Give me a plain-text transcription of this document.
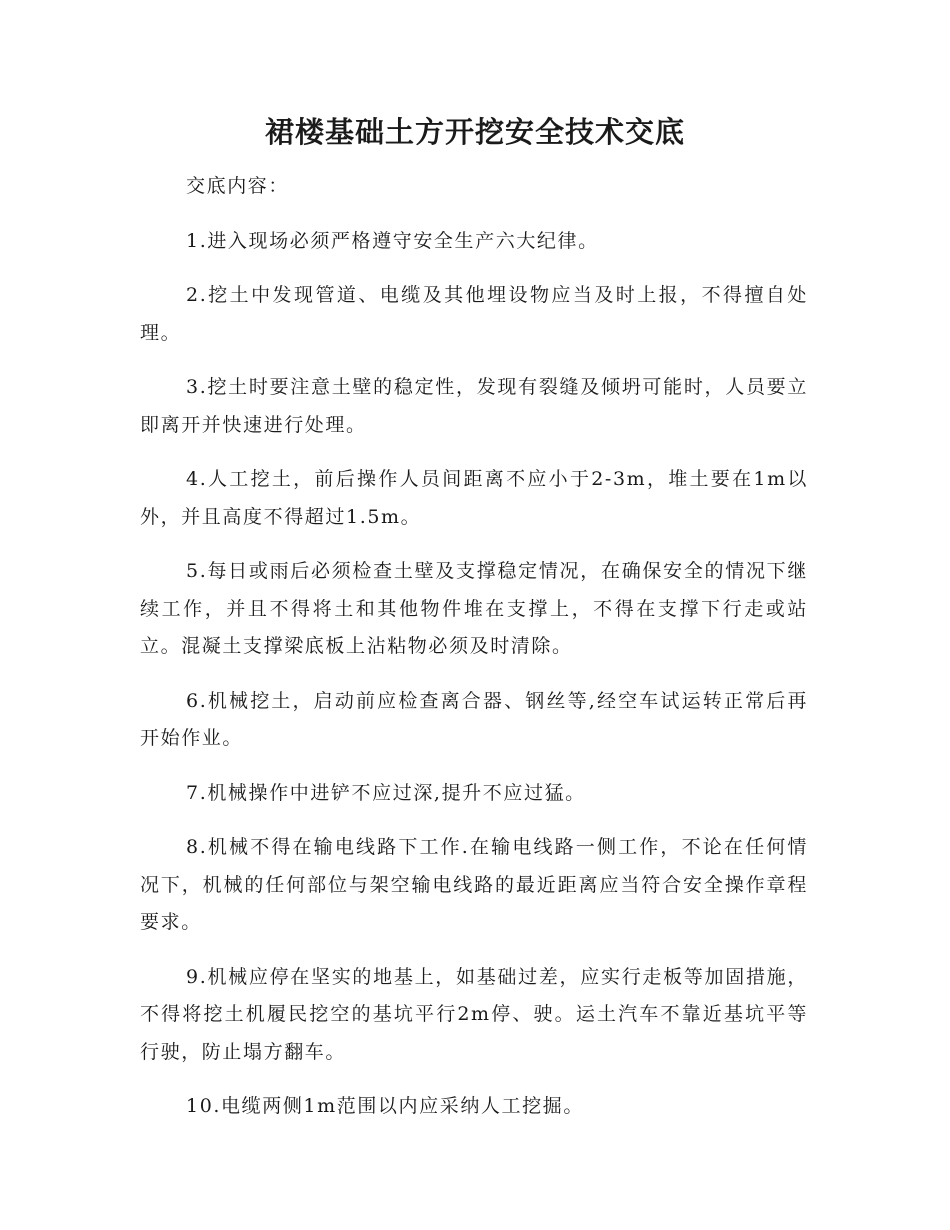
裙楼基础土方开挖安全技术交底

交底内容：

1.进入现场必须严格遵守安全生产六大纪律。

2.挖土中发现管道、电缆及其他埋设物应当及时上报，不得擅自处理。

3.挖土时要注意土壁的稳定性，发现有裂缝及倾坍可能时，人员要立即离开并快速进行处理。

4.人工挖土，前后操作人员间距离不应小于2-3m，堆土要在1m以外，并且高度不得超过1.5m。

5.每日或雨后必须检查土壁及支撑稳定情况，在确保安全的情况下继续工作，并且不得将土和其他物件堆在支撑上，不得在支撑下行走或站立。混凝土支撑梁底板上沾粘物必须及时清除。

6.机械挖土，启动前应检查离合器、钢丝等,经空车试运转正常后再开始作业。

7.机械操作中进铲不应过深,提升不应过猛。

8.机械不得在输电线路下工作.在输电线路一侧工作，不论在任何情况下，机械的任何部位与架空输电线路的最近距离应当符合安全操作章程要求。

9.机械应停在坚实的地基上，如基础过差，应实行走板等加固措施，不得将挖土机履民挖空的基坑平行2m停、驶。运土汽车不靠近基坑平等行驶，防止塌方翻车。

10.电缆两侧1m范围以内应采纳人工挖掘。
